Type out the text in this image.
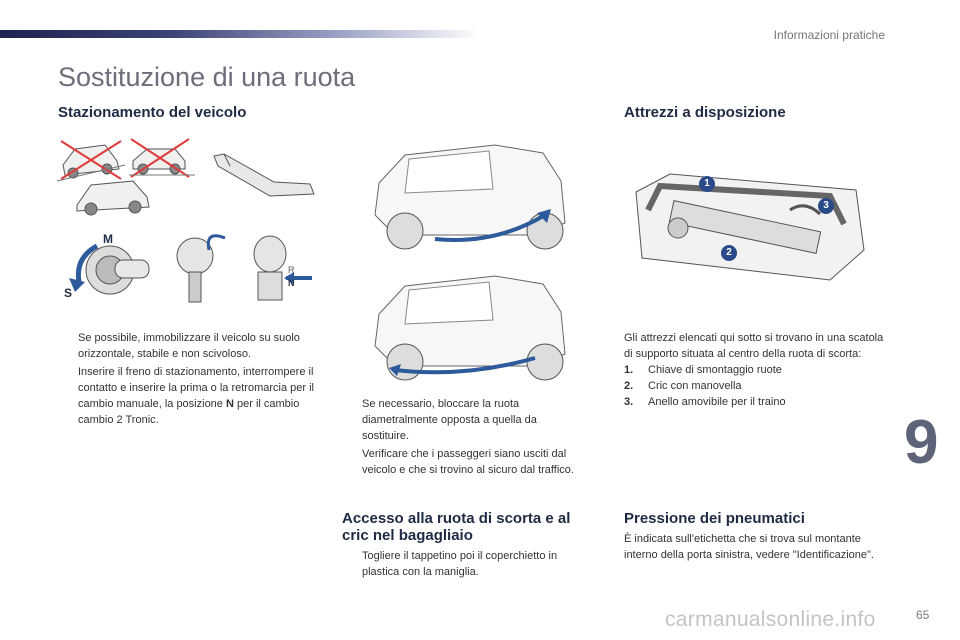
Informazioni pratiche
Sostituzione di una ruota
Stazionamento del veicolo
M
S
R
N
Se possibile, immobilizzare il veicolo su suolo orizzontale, stabile e non scivoloso.
Inserire il freno di stazionamento, interrompere il contatto e inserire la prima o la retromarcia per il cambio manuale, la posizione N per il cambio cambio 2 Tronic.
Se necessario, bloccare la ruota diametralmente opposta a quella da sostituire.
Verificare che i passeggeri siano usciti dal veicolo e che si trovino al sicuro dal traffico.
Accesso alla ruota di scorta e al
cric nel bagagliaio
Togliere il tappetino poi il coperchietto in plastica con la maniglia.
Attrezzi a disposizione
1
2
3
Gli attrezzi elencati qui sotto si trovano in una scatola di supporto situata al centro della ruota di scorta:
1.	Chiave di smontaggio ruote
2.	Cric con manovella
3.	Anello amovibile per il traino
Pressione dei pneumatici
È indicata sull'etichetta che si trova sul montante interno della porta sinistra, vedere "Identificazione".
9
carmanualsonline.info	65
